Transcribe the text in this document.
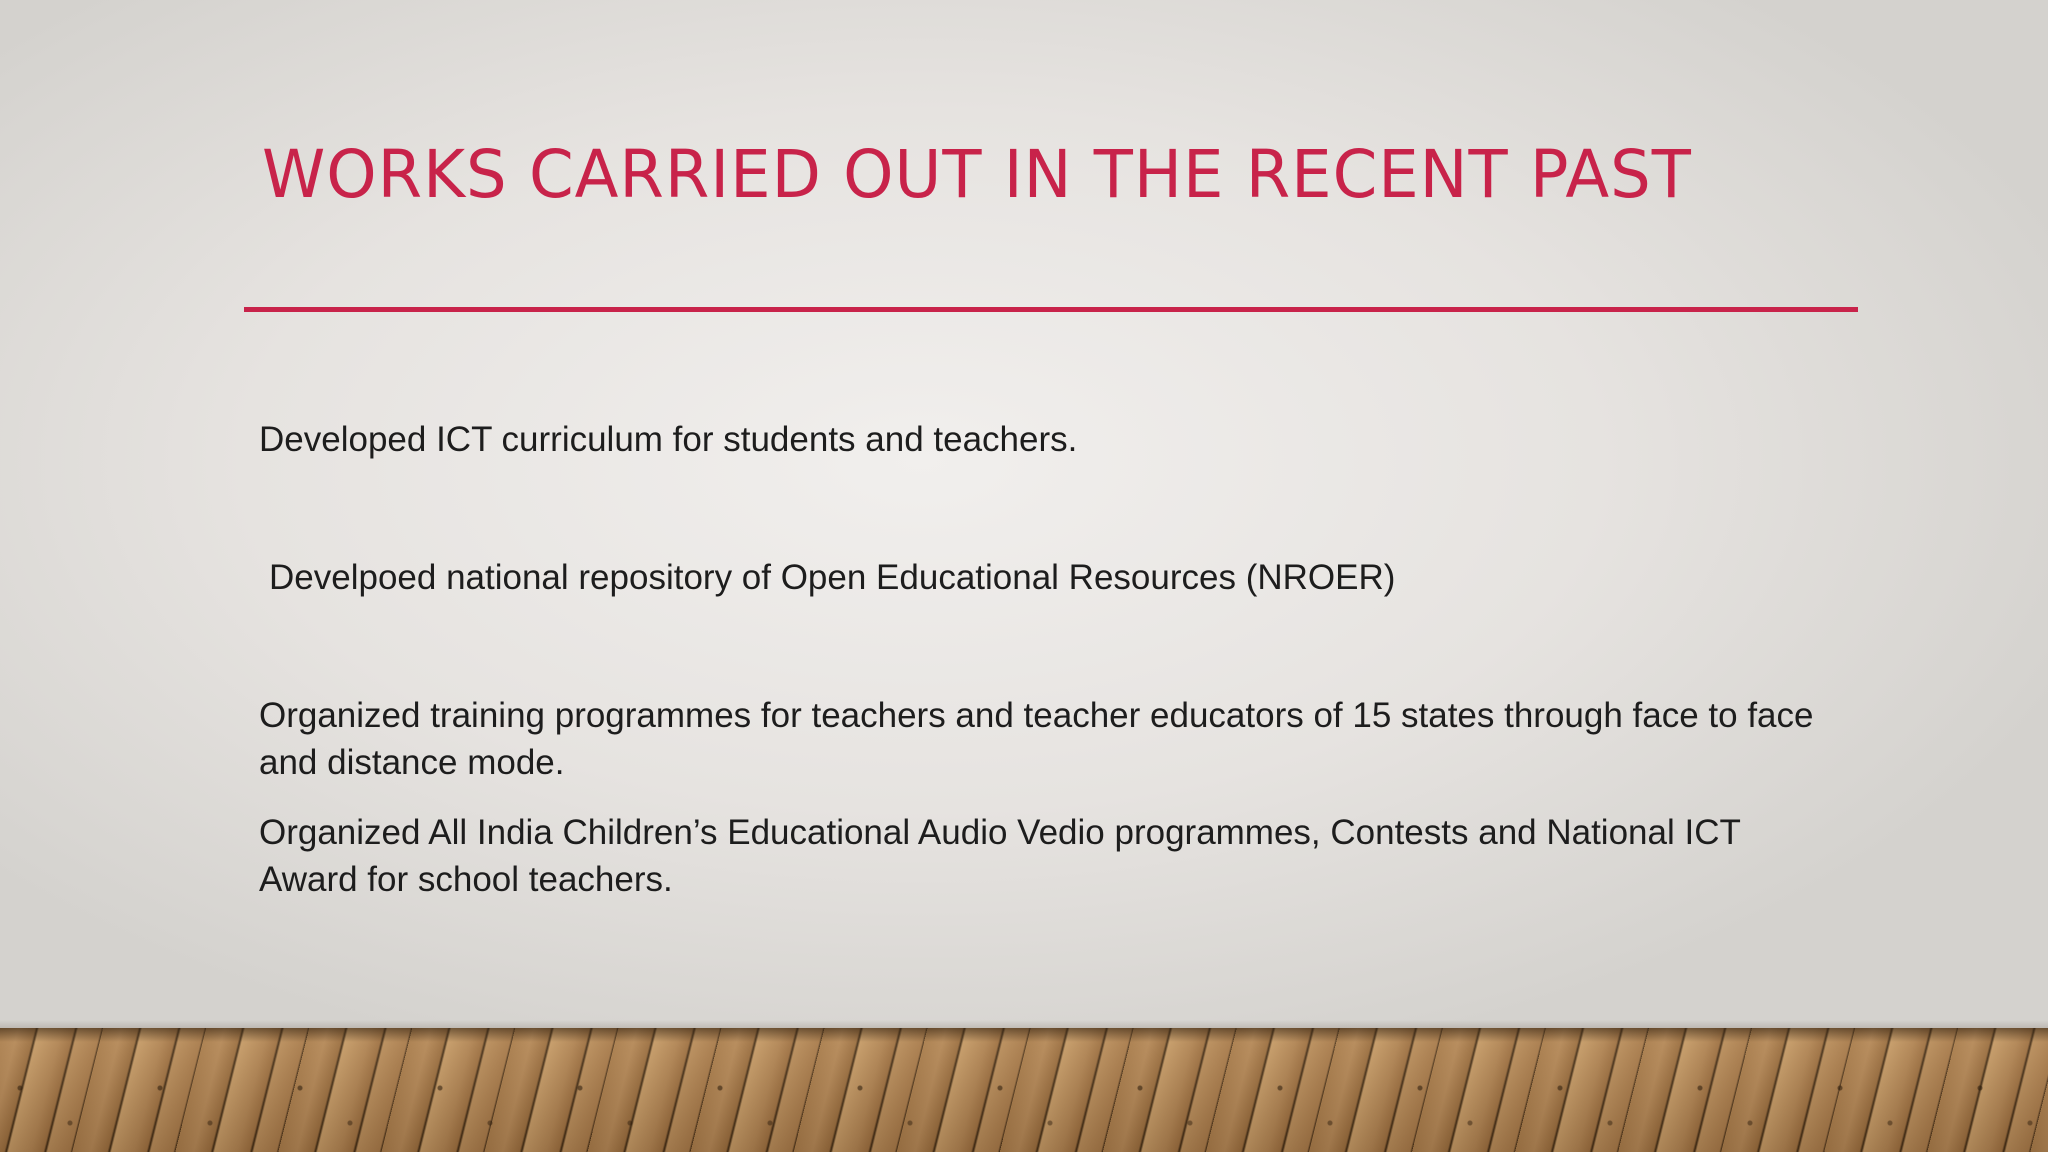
WORKS CARRIED OUT IN THE RECENT PAST

Developed ICT curriculum for students and teachers.

Develpoed national repository of Open Educational Resources (NROER)

Organized training programmes for teachers and teacher educators of 15 states through face to face and distance mode.

Organized All India Children’s Educational Audio Vedio programmes, Contests and National ICT Award for school teachers.
